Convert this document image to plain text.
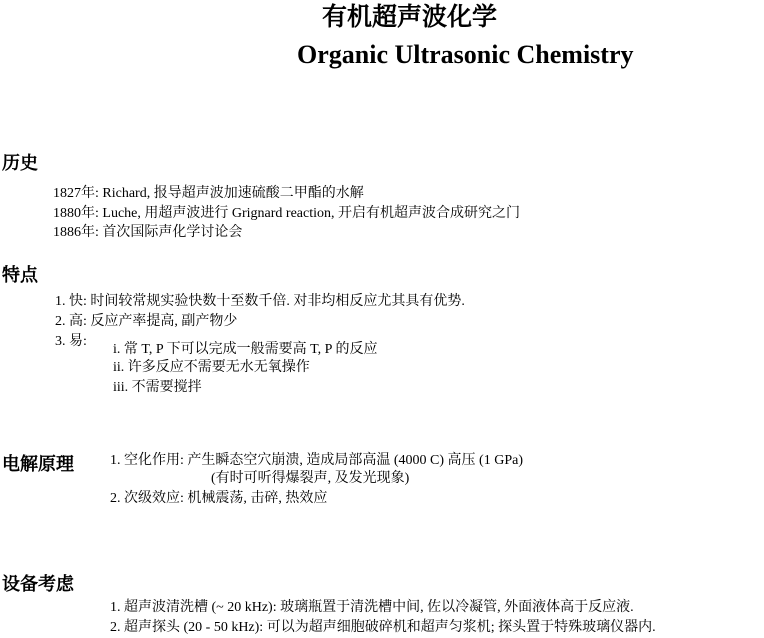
有机超声波化学
Organic Ultrasonic Chemistry
历史
1827年: Richard, 报导超声波加速硫酸二甲酯的水解
1880年: Luche, 用超声波进行 Grignard reaction, 开启有机超声波合成研究之门
1886年: 首次国际声化学讨论会
特点
1. 快: 时间较常规实验快数十至数千倍. 对非均相反应尤其具有优势.
2. 高: 反应产率提高, 副产物少
3. 易:
i. 常 T, P 下可以完成一般需要高 T, P 的反应
ii. 许多反应不需要无水无氧操作
iii. 不需要搅拌
电解原理	1. 空化作用: 产生瞬态空穴崩溃, 造成局部高温 (4000 C) 高压 (1 GPa)
(有时可听得爆裂声, 及发光现象)
2. 次级效应: 机械震荡, 击碎, 热效应
设备考虑
1. 超声波清洗槽 (~ 20 kHz): 玻璃瓶置于清洗槽中间, 佐以冷凝管, 外面液体高于反应液.
2. 超声探头 (20 - 50 kHz): 可以为超声细胞破碎机和超声匀浆机; 探头置于特殊玻璃仪器内.
